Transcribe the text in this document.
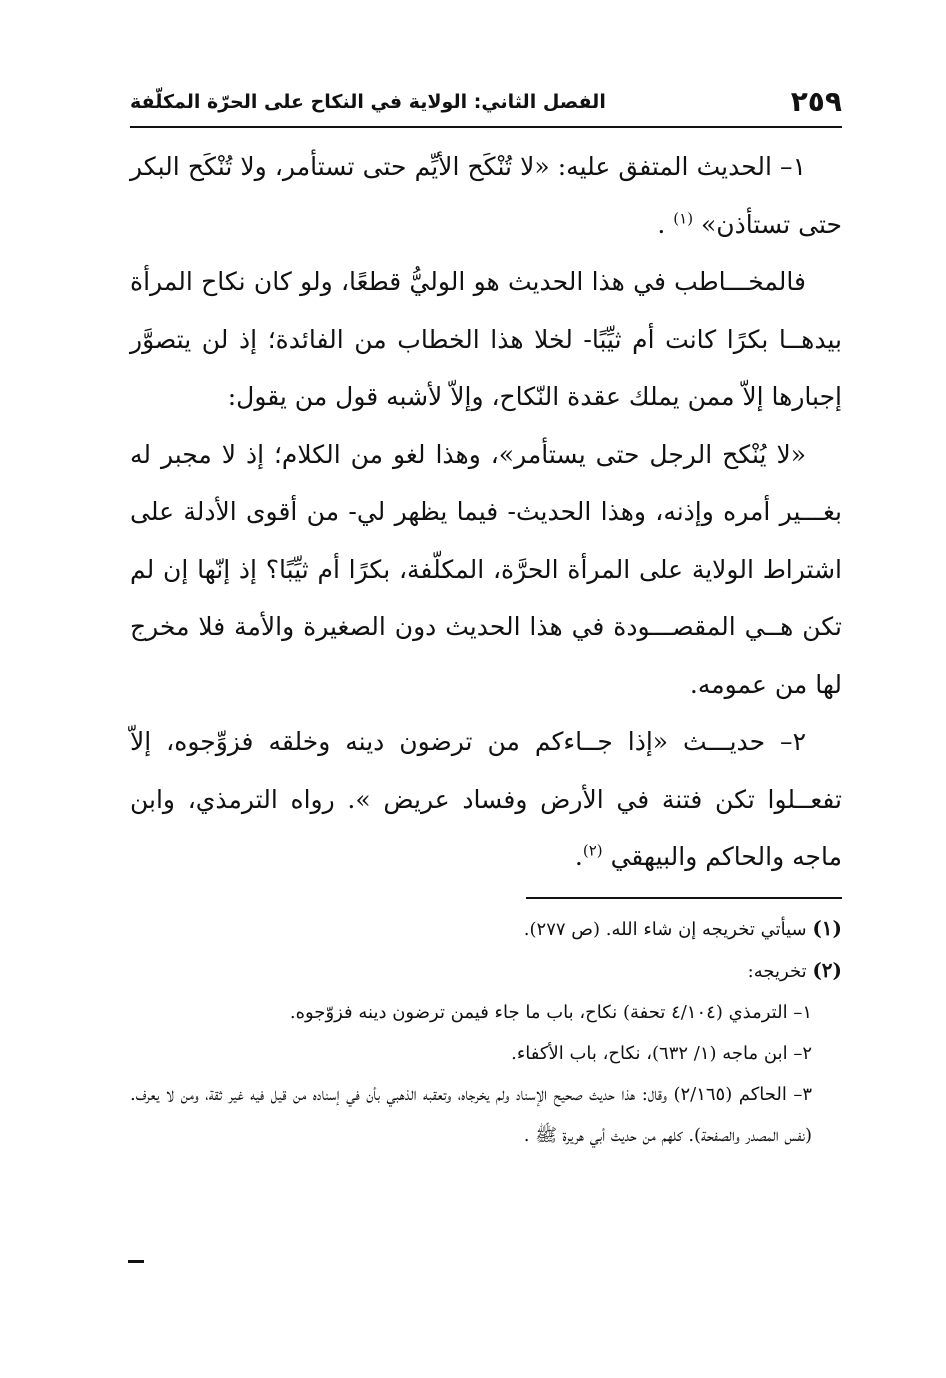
٢٥٩
الفصل الثاني: الولاية في النكاح على الحرّة المكلّفة

١– الحديث المتفق عليه: «لا تُنْكَح الأيِّم حتى تستأمر، ولا تُنْكَح البكر حتى تستأذن» $^{(١)}$ .

فالمخـــاطب في هذا الحديث هو الوليُّ قطعًا، ولو كان نكاح المرأة بيدهــا بكرًا كانت أم ثيِّبًا- لخلا هذا الخطاب من الفائدة؛ إذ لن يتصوَّر إجبارها إلاّ ممن يملك عقدة النّكاح، وإلاّ لأشبه قول من يقول:

«لا يُنْكح الرجل حتى يستأمر»، وهذا لغو من الكلام؛ إذ لا مجبر له بغـــير أمره وإذنه، وهذا الحديث- فيما يظهر لي- من أقوى الأدلة على اشتراط الولاية على المرأة الحرَّة، المكلّفة، بكرًا أم ثيِّبًا؟ إذ إنّها إن لم تكن هــي المقصـــودة في هذا الحديث دون الصغيرة والأمة فلا مخرج لها من عمومه.

٢– حديـــث «إذا جــاءكم من ترضون دينه وخلقه فزوِّجوه، إلاّ تفعــلوا تكن فتنة في الأرض وفساد عريض ». رواه الترمذي، وابن ماجه والحاكم والبيهقي $^{(٢)}$.

(١) سيأتي تخريجه إن شاء الله. (ص ٢٧٧).

(٢) تخريجه:

١– الترمذي (٤/١٠٤ تحفة) نكاح، باب ما جاء فيمن ترضون دينه فزوّجوه.

٢– ابن ماجه (١/ ٦٣٢)، نكاح، باب الأكفاء.

٣– الحاكم (٢/١٦٥) وقال: هذا حديث صحيح الإسناد ولم يخرجاه، وتعقبه الذهبي بأن في إسناده من قيل فيه غير ثقة، ومن لا يعرف. (نفس المصدر والصفحة). كلهم من حديث أبي هريرة ﷺ .
